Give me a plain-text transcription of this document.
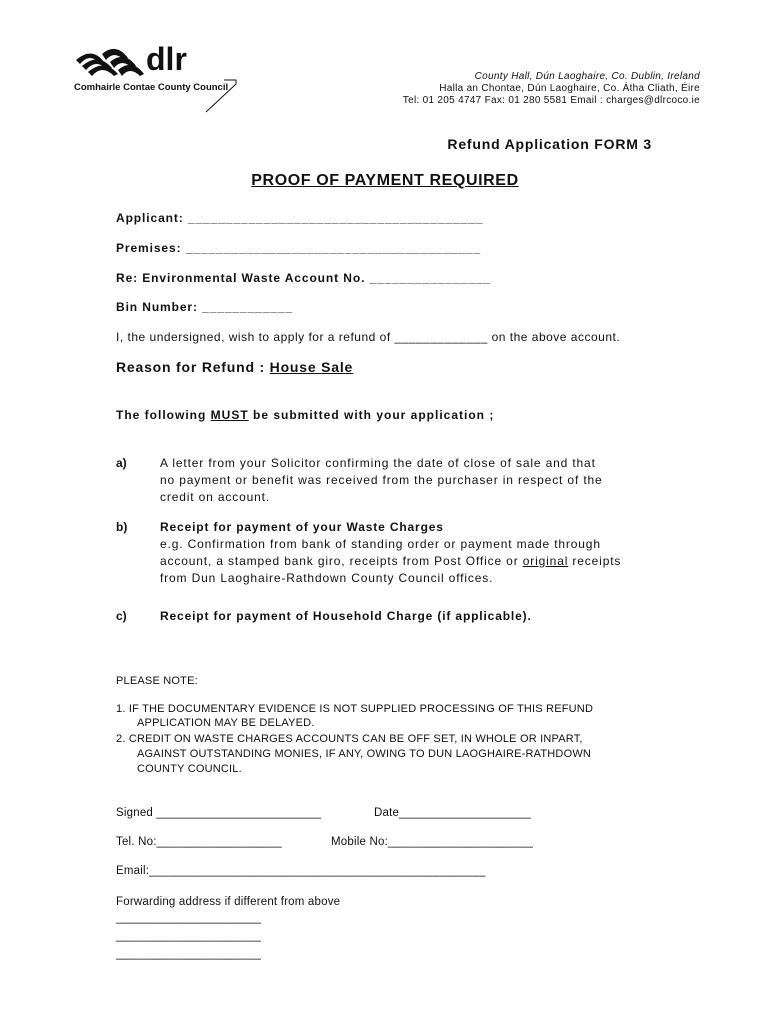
dlr
Comhairle Contae County Council
County Hall, Dún Laoghaire, Co. Dublin, Ireland
Halla an Chontae, Dún Laoghaire, Co. Átha Cliath, Éire
Tel: 01 205 4747 Fax: 01 280 5581 Email : charges@dlrcoco.ie
Refund Application FORM 3
PROOF OF PAYMENT REQUIRED
Applicant: _______________________________________
Premises: _______________________________________
Re: Environmental Waste Account No. ________________
Bin Number: ____________
I, the undersigned, wish to apply for a refund of _____________ on the above account.
Reason for Refund : House Sale
The following MUST be submitted with your application ;
a)	A letter from your Solicitor confirming the date of close of sale and that
no payment or benefit was received from the purchaser in respect of the
credit on account.
b)	Receipt for payment of your Waste Charges
e.g. Confirmation from bank of standing order or payment made through
account, a stamped bank giro, receipts from Post Office or original receipts
from Dun Laoghaire-Rathdown County Council offices.
c)	Receipt for payment of Household Charge (if applicable).
PLEASE NOTE:
1. IF THE DOCUMENTARY EVIDENCE IS NOT SUPPLIED PROCESSING OF THIS REFUND
APPLICATION MAY BE DELAYED.
2. CREDIT ON WASTE CHARGES ACCOUNTS CAN BE OFF SET, IN WHOLE OR INPART,
AGAINST OUTSTANDING MONIES, IF ANY, OWING TO DUN LAOGHAIRE-RATHDOWN
COUNTY COUNCIL.
Signed _________________________	Date____________________
Tel. No:___________________	Mobile No:______________________
Email:___________________________________________________
Forwarding address if different from above
______________________
______________________
______________________
